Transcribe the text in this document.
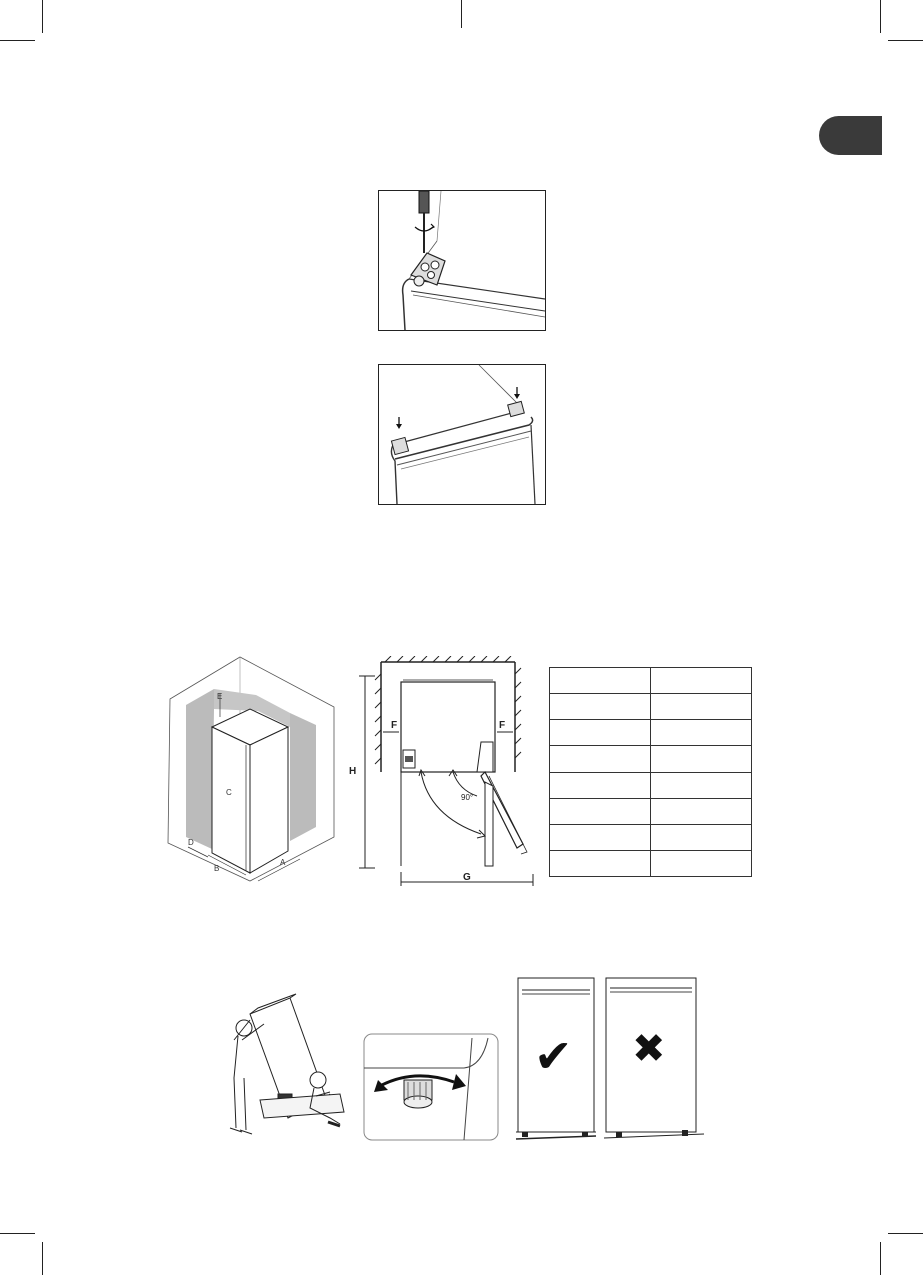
E
C
D
B
A
90°
H
F	F
G

✔ ✖
